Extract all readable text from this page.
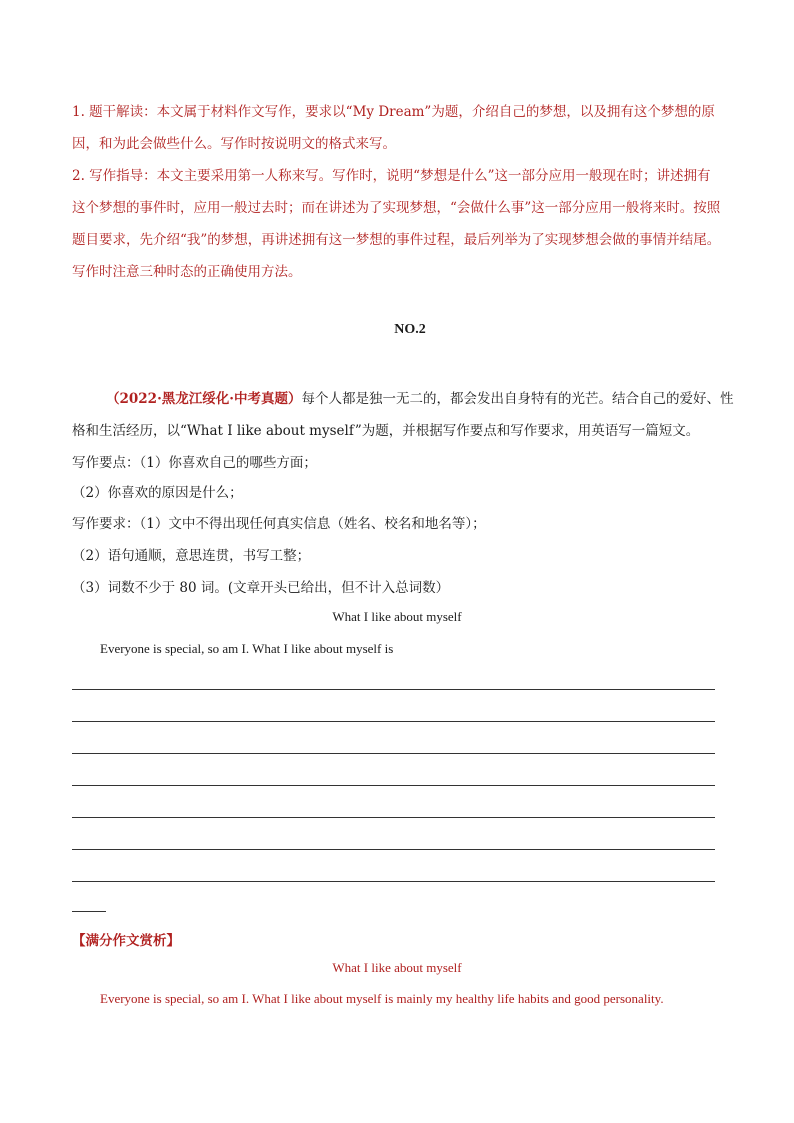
1. 题干解读：本文属于材料作文写作，要求以“My Dream”为题，介绍自己的梦想，以及拥有这个梦想的原因，和为此会做些什么。写作时按说明文的格式来写。

2. 写作指导：本文主要采用第一人称来写。写作时，说明“梦想是什么”这一部分应用一般现在时；讲述拥有这个梦想的事件时，应用一般过去时；而在讲述为了实现梦想，“会做什么事”这一部分应用一般将来时。按照题目要求，先介绍“我”的梦想，再讲述拥有这一梦想的事件过程，最后列举为了实现梦想会做的事情并结尾。写作时注意三种时态的正确使用方法。

NO.2

（2022·黑龙江绥化·中考真题）每个人都是独一无二的，都会发出自身特有的光芒。结合自己的爱好、性格和生活经历，以“What I like about myself”为题，并根据写作要点和写作要求，用英语写一篇短文。

写作要点：（1）你喜欢自己的哪些方面；

（2）你喜欢的原因是什么；

写作要求：（1）文中不得出现任何真实信息（姓名、校名和地名等）；

（2）语句通顺，意思连贯，书写工整；

（3）词数不少于 80 词。(文章开头已给出，但不计入总词数）

What I like about myself
Everyone is special, so am I. What I like about myself is
【满分作文赏析】
What I like about myself
Everyone is special, so am I. What I like about myself is mainly my healthy life habits and good personality.
